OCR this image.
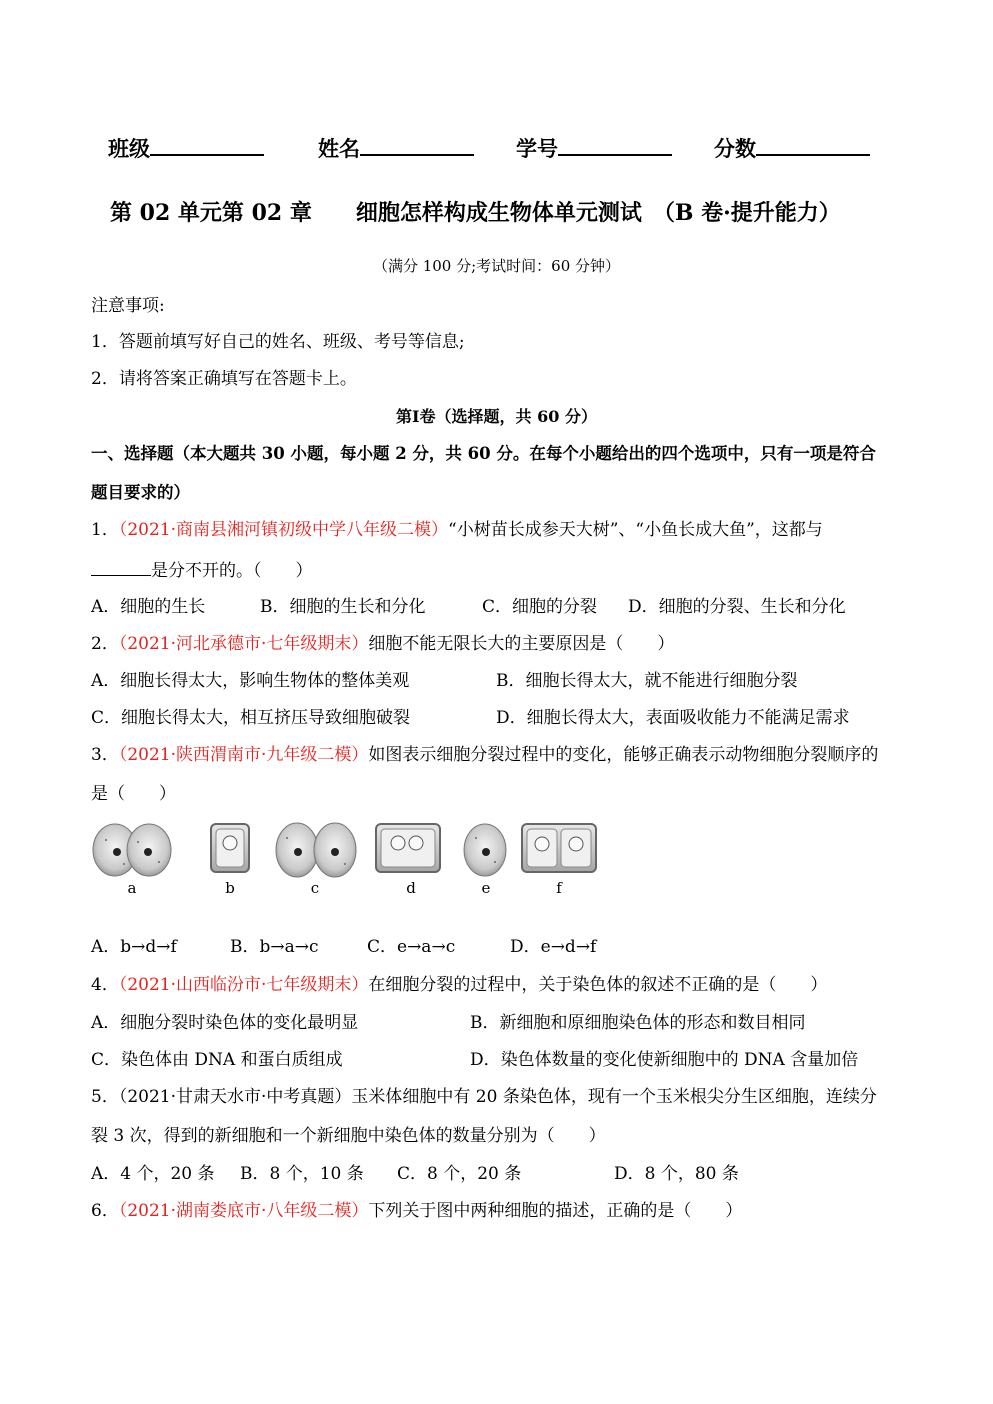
班级	姓名	学号	分数
第 02 单元第 02 章　　细胞怎样构成生物体单元测试　（B 卷·提升能力）
（满分 100 分;考试时间：60 分钟）
注意事项:
1．答题前填写好自己的姓名、班级、考号等信息;
2．请将答案正确填写在答题卡上。
第Ⅰ卷（选择题，共 60 分）
一、选择题（本大题共 30 小题，每小题 2 分，共 60 分。在每个小题给出的四个选项中，只有一项是符合
题目要求的）
1．（2021·商南县湘河镇初级中学八年级二模）“小树苗长成参天大树”、“小鱼长成大鱼”，这都与
是分不开的。（　　）
A．细胞的生长	B．细胞的生长和分化	C．细胞的分裂 D．细胞的分裂、生长和分化
2．（2021·河北承德市·七年级期末）细胞不能无限长大的主要原因是（　　）
A．细胞长得太大，影响生物体的整体美观	B．细胞长得太大，就不能进行细胞分裂
C．细胞长得太大，相互挤压导致细胞破裂	D．细胞长得太大，表面吸收能力不能满足需求
3．（2021·陕西渭南市·九年级二模）如图表示细胞分裂过程中的变化，能够正确表示动物细胞分裂顺序的
是（　　）
a	b	c	d	e	f
A．b→d→f	B．b→a→c	C．e→a→c	D．e→d→f
4．（2021·山西临汾市·七年级期末）在细胞分裂的过程中，关于染色体的叙述不正确的是（　　）
A．细胞分裂时染色体的变化最明显	B．新细胞和原细胞染色体的形态和数目相同
C．染色体由 DNA 和蛋白质组成	D．染色体数量的变化使新细胞中的 DNA 含量加倍
5．（2021·甘肃天水市·中考真题）玉米体细胞中有 20 条染色体，现有一个玉米根尖分生区细胞，连续分
裂 3 次，得到的新细胞和一个新细胞中染色体的数量分别为（　　）
A．4 个，20 条 B．8 个，10 条 C．8 个，20 条	D．8 个，80 条
6．（2021·湖南娄底市·八年级二模）下列关于图中两种细胞的描述，正确的是（　　）
